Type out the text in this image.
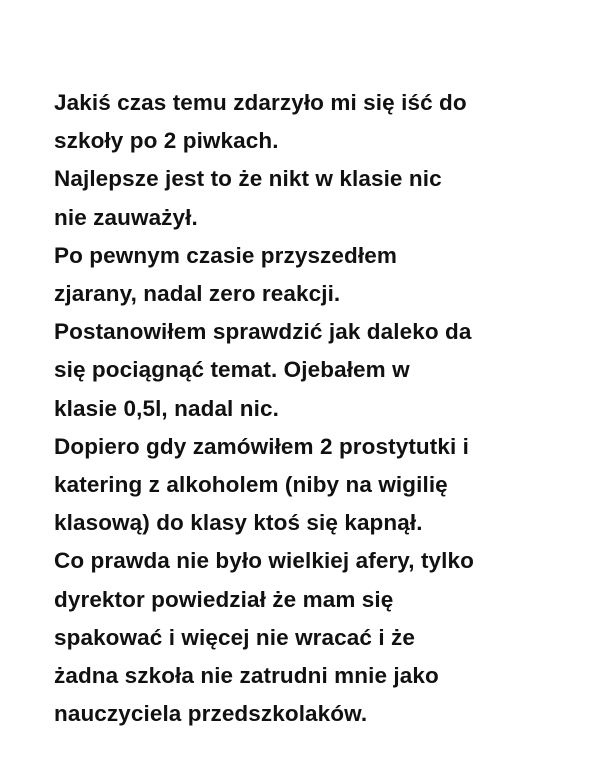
Jakiś czas temu zdarzyło mi się iść do
szkoły po 2 piwkach.
Najlepsze jest to że nikt w klasie nic
nie zauważył.
Po pewnym czasie przyszedłem
zjarany, nadal zero reakcji.
Postanowiłem sprawdzić jak daleko da
się pociągnąć temat. Ojebałem w
klasie 0,5l, nadal nic.
Dopiero gdy zamówiłem 2 prostytutki i
katering z alkoholem (niby na wigilię
klasową) do klasy ktoś się kapnął.
Co prawda nie było wielkiej afery, tylko
dyrektor powiedział że mam się
spakować i więcej nie wracać i że
żadna szkoła nie zatrudni mnie jako
nauczyciela przedszkolaków.
